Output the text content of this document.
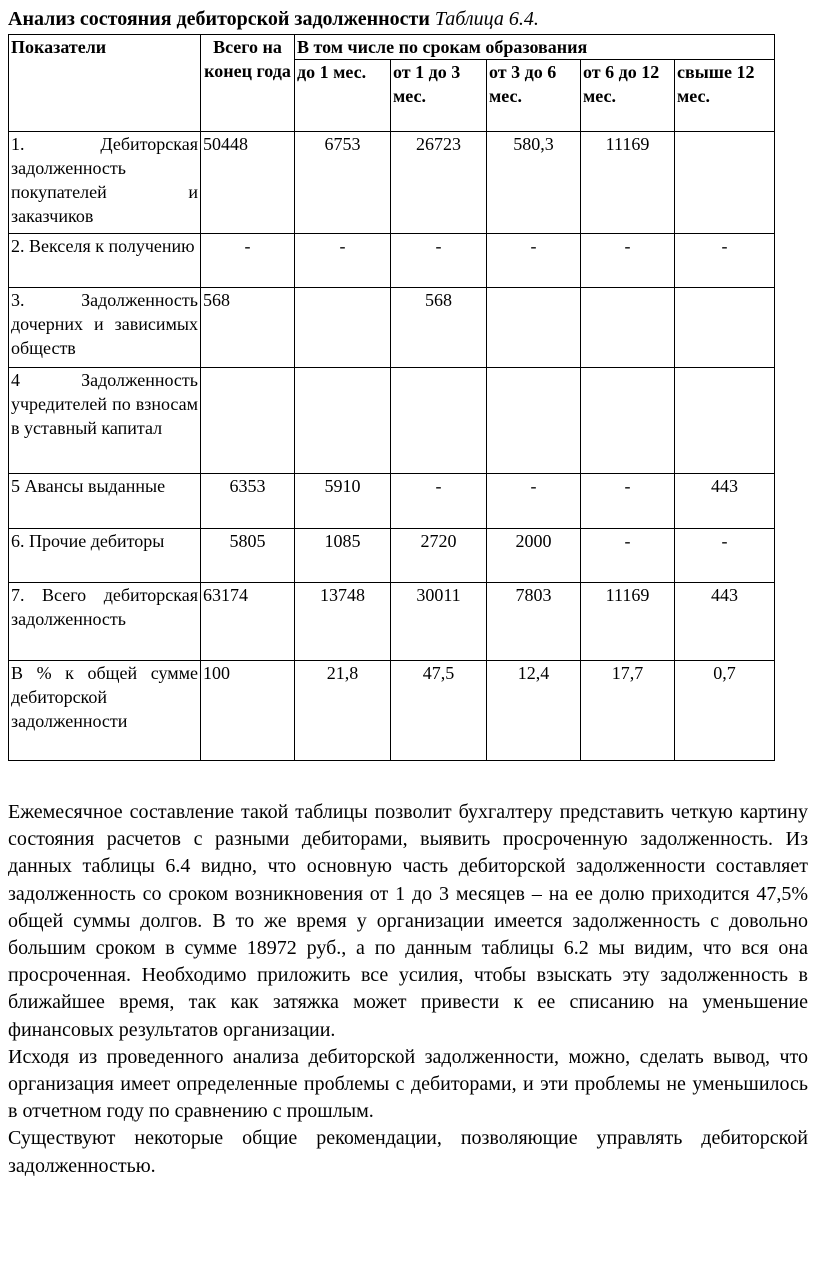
Анализ состояния дебиторской задолженности Таблица 6.4.
Показатели	Всего на конец года	В том числе по срокам образования				
		до 1 мес.	от 1 до 3 мес.	от 3 до 6 мес.	от 6 до 12 мес.	свыше 12 мес.
1. Дебиторская задолженность покупателей и заказчиков	50448	6753	26723	580,3	11169	
2. Векселя к получению	-	-	-	-	-	-
3. Задолженность дочерних и зависимых обществ	568		568			
4 Задолженность учредителей по взносам в уставный капитал						
5 Авансы выданные	6353	5910	-	-	-	443
6. Прочие дебиторы	5805	1085	2720	2000	-	-
7. Всего дебиторская задолженность	63174	13748	30011	7803	11169	443
В % к общей сумме дебиторской задолженности	100	21,8	47,5	12,4	17,7	0,7

Ежемесячное составление такой таблицы позволит бухгалтеру представить четкую картину состояния расчетов с разными дебиторами, выявить просроченную задолженность. Из данных таблицы 6.4 видно, что основную часть дебиторской задолженности составляет задолженность со сроком возникновения от 1 до 3 месяцев – на ее долю приходится 47,5% общей суммы долгов. В то же время у организации имеется задолженность с довольно большим сроком в сумме 18972 руб., а по данным таблицы 6.2 мы видим, что вся она просроченная. Необходимо приложить все усилия, чтобы взыскать эту задолженность в ближайшее время, так как затяжка может привести к ее списанию на уменьшение финансовых результатов организации.

Исходя из проведенного анализа дебиторской задолженности, можно, сделать вывод, что организация имеет определенные проблемы с дебиторами, и эти проблемы не уменьшилось в отчетном году по сравнению с прошлым.

Существуют некоторые общие рекомендации, позволяющие управлять дебиторской задолженностью.
